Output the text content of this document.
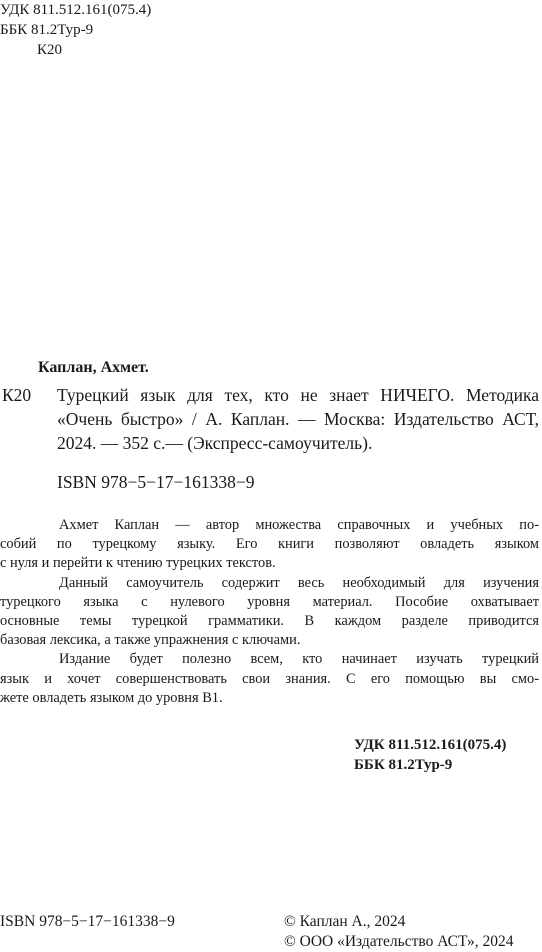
УДК 811.512.161(075.4)
ББК 81.2Тур-9
К20
Каплан, Ахмет.
К20 Турецкий язык для тех, кто не знает НИЧЕГО. Методика
«Очень быстро» / А. Каплан. — Москва: Издательство АСТ,
2024. — 352 с.— (Экспресс-самоучитель).
ISBN 978−5−17−161338−9
Ахмет Каплан — автор множества справочных и учебных по-
собий по турецкому языку. Его книги позволяют овладеть языком
с нуля и перейти к чтению турецких текстов.
Данный самоучитель содержит весь необходимый для изучения
турецкого языка с нулевого уровня материал. Пособие охватывает
основные темы турецкой грамматики. В каждом разделе приводится
базовая лексика, а также упражнения с ключами.
Издание будет полезно всем, кто начинает изучать турецкий
язык и хочет совершенствовать свои знания. С его помощью вы смо-
жете овладеть языком до уровня В1.
УДК 811.512.161(075.4)
ББК 81.2Тур-9
ISBN 978−5−17−161338−9	© Каплан А., 2024
© ООО «Издательство АСТ», 2024
